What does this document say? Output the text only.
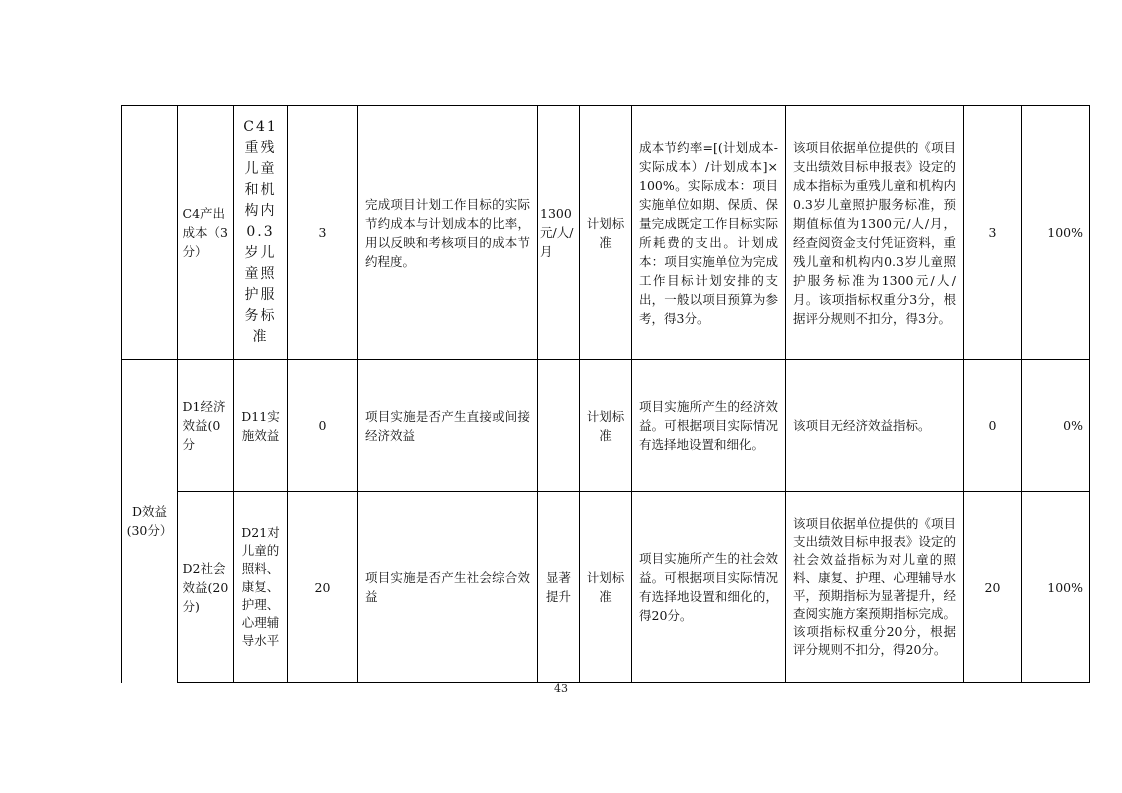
	C4产出成本（3分）	C41重残儿童和机构内0.3岁儿童照护服务标准	3	完成项目计划工作目标的实际节约成本与计划成本的比率，用以反映和考核项目的成本节约程度。	1300元/人/月	计划标准	成本节约率=[(计划成本-实际成本）/计划成本]×100%。实际成本：项目实施单位如期、保质、保量完成既定工作目标实际所耗费的支出。计划成本：项目实施单位为完成工作目标计划安排的支出，一般以项目预算为参考，得3分。	该项目依据单位提供的《项目支出绩效目标申报表》设定的成本指标为重残儿童和机构内0.3岁儿童照护服务标准，预期值标值为1300元/人/月，经查阅资金支付凭证资料，重残儿童和机构内0.3岁儿童照护服务标准为1300元/人/月。该项指标权重分3分，根据评分规则不扣分，得3分。	3	100%

D效益(30分）	D1经济效益(0分	D11实施效益	0	项目实施是否产生直接或间接经济效益		计划标准	项目实施所产生的经济效益。可根据项目实际情况有选择地设置和细化。	该项目无经济效益指标。	0	0%

	D2社会效益(20分)	D21对儿童的照料、康复、护理、心理辅导水平	20	项目实施是否产生社会综合效益	显著提升	计划标准	项目实施所产生的社会效益。可根据项目实际情况有选择地设置和细化的，得20分。	该项目依据单位提供的《项目支出绩效目标申报表》设定的社会效益指标为对儿童的照料、康复、护理、心理辅导水平，预期指标为显著提升，经查阅实施方案预期指标完成。该项指标权重分20分，根据评分规则不扣分，得20分。	20	100%
43
